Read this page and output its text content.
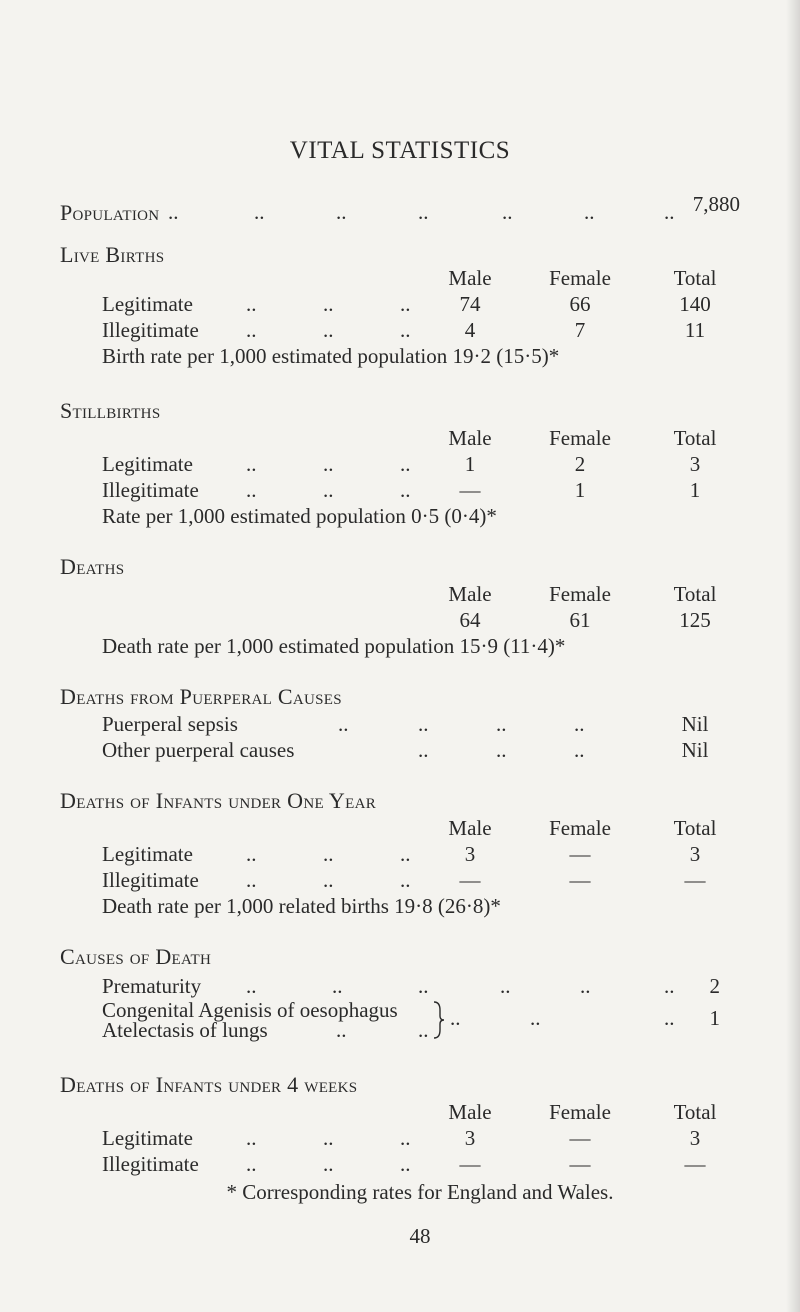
VITAL STATISTICS
Population ..	..	..	..	..	..	.. 7,880
Live Births
Male	Female	Total
Legitimate	..	..	..	74	66	140
Illegitimate ..	..	..	4	7	11
Birth rate per 1,000 estimated population 19·2 (15·5)*
Stillbirths
Male	Female	Total
Legitimate	..	..	..	1	2	3
Illegitimate ..	..	..	—	1	1
Rate per 1,000 estimated population 0·5 (0·4)*
Deaths
Male	Female	Total
64	61	125
Death rate per 1,000 estimated population 15·9 (11·4)*
Deaths from Puerperal Causes
Puerperal sepsis	..	..	..	..	Nil
Other puerperal causes	..	..	..	Nil
Deaths of Infants under One Year
Male	Female	Total
Legitimate	..	..	..	3	—	3
Illegitimate ..	..	..	—	—	—
Death rate per 1,000 related births 19·8 (26·8)*
Causes of Death
Prematurity ..	..	..	..	..	..	2
Congenital Agenisis of oesophagus
Atelectasis of lungs	..	.. ..	..	..	1
Deaths of Infants under 4 weeks
Male	Female	Total
Legitimate	..	..	..	3	—	3
Illegitimate ..	..	..	—	—	—
* Corresponding rates for England and Wales.
48
